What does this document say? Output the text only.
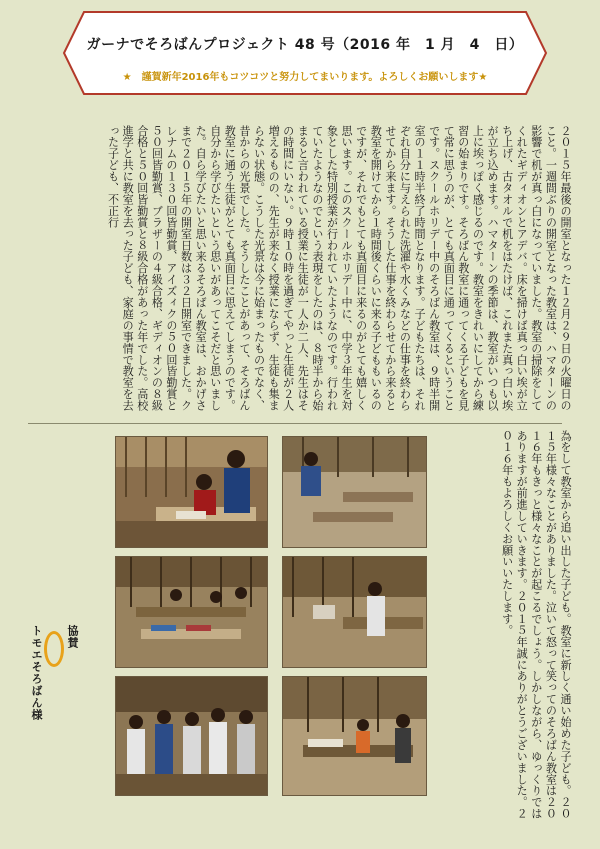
ガーナでそろばんプロジェクト 48 号（2016 年　1 月　4　日）
★　謹賀新年2016年もコツコツと努力してまいります。よろしくお願いします★
２０１５年最後の開室となった１２月２９日の火曜日のこと。一週間ぶりの開室となった教室は、ハマターンの影響で机が真っ白になっていました。教室の掃除をしてくれたギディオンとアデバ。床を掃けば真っ白い埃が立ち上げ、古タオルで机をはたけば、これまた真っ白い埃が立ち込めます。ハマターンの季節は、教室がいつも以上に埃っぽく感じるのです。教室をきれいにしてから練習の始まりです。そろばん教室に通ってくる子どもを見て常に思うのが、とても真面目に通ってくるということです。スクールホリデー中のそろばん教室は、９時半開室の１１時半終了時間となります。子どもたちは、それぞれ自分に与えられた洗濯や水くみなどの仕事を終わらせてから来ます。そうした仕事を終わらせてから来ると教室を開けてから１時間後くらいに来る子どももいるのですが、それでもとても真面目に来るのがとても嬉しく思います。このスクールホリデー中に、中学３年生を対象とした特別授業が行われていたようなのです。行われていたようなのでという表現をしたのは、８時半から始まると言われている授業に生徒が一人か二人、先生はその時間にいない。９時１０時を過ぎてやっと生徒が２人増えるものの、先生が来なく授業にならず、生徒も集まらない状態。こうした光景は今に始まったものでなく、昔からの光景でした。そうしたことがあって、そろばん教室に通う生徒がとても真面目に思えてしまうのです。自分から学びたいという思いがあってこそだと思いました。自ら学びたいと思い来るそろばん教室は、おかげさまで２０１５年の開室日数は３２日開室できました。クレナムの１３０回皆勤賞、アイズィクの５０回皆勤賞と５０回皆勤賞、ブラザーの４級合格、ギディオンの８級合格と５０回皆勤賞と８級合格があった年でした。高校進学と共に教室を去った子ども、家庭の事情で教室を去った子ども、不正行
為をして教室から追い出した子ども。教室に新しく通い始めた子ども。２０１５年様々なことがありました。泣いて怒って笑ってのそろばん教室は２０１６年もきっと様々なことが起こるでしょう。しかしながら、ゆっくりではありますが前進していきます。２０１５年誠にありがとうございました。２０１６年もよろしくお願いいたします。
協賛
トモエそろばん様
